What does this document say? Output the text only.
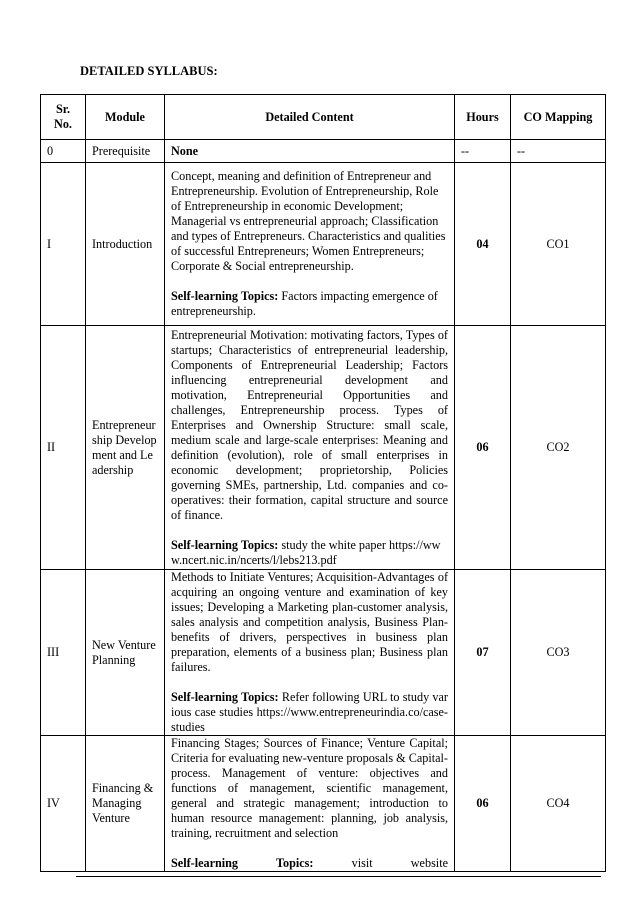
DETAILED SYLLABUS:
Sr. No.	Module	Detailed Content	Hours	CO Mapping
0	Prerequisite	None	--	--
I	Introduction	Concept, meaning and definition of Entrepreneur and Entrepreneurship. Evolution of Entrepreneurship, Role of Entrepreneurship in economic Development; Managerial vs entrepreneurial approach; Classification and types of Entrepreneurs. Characteristics and qualities of successful Entrepreneurs; Women Entrepreneurs; Corporate & Social entrepreneurship.

Self-learning Topics: Factors impacting emergence of entrepreneurship.	04	CO1
II	Entrepreneurship Development and Leadership	Entrepreneurial Motivation: motivating factors, Types of startups; Characteristics of entrepreneurial leadership, Components of Entrepreneurial Leadership; Factors influencing entrepreneurial development and motivation, Entrepreneurial Opportunities and challenges, Entrepreneurship process. Types of Enterprises and Ownership Structure: small scale, medium scale and large-scale enterprises: Meaning and definition (evolution), role of small enterprises in economic development; proprietorship, Policies governing SMEs, partnership, Ltd. companies and co-operatives: their formation, capital structure and source of finance.

Self-learning Topics: study the white paper https://www.ncert.nic.in/ncerts/l/lebs213.pdf	06	CO2
III	New Venture Planning	Methods to Initiate Ventures; Acquisition-Advantages of acquiring an ongoing venture and examination of key issues; Developing a Marketing plan-customer analysis, sales analysis and competition analysis, Business Plan-benefits of drivers, perspectives in business plan preparation, elements of a business plan; Business plan failures.

Self-learning Topics: Refer following URL to study various case studies https://www.entrepreneurindia.co/case-studies	07	CO3
IV	Financing & Managing Venture	Financing Stages; Sources of Finance; Venture Capital; Criteria for evaluating new-venture proposals & Capital-process. Management of venture: objectives and functions of management, scientific management, general and strategic management; introduction to human resource management: planning, job analysis, training, recruitment and selection

Self-learning Topics: visit website	06	CO4
